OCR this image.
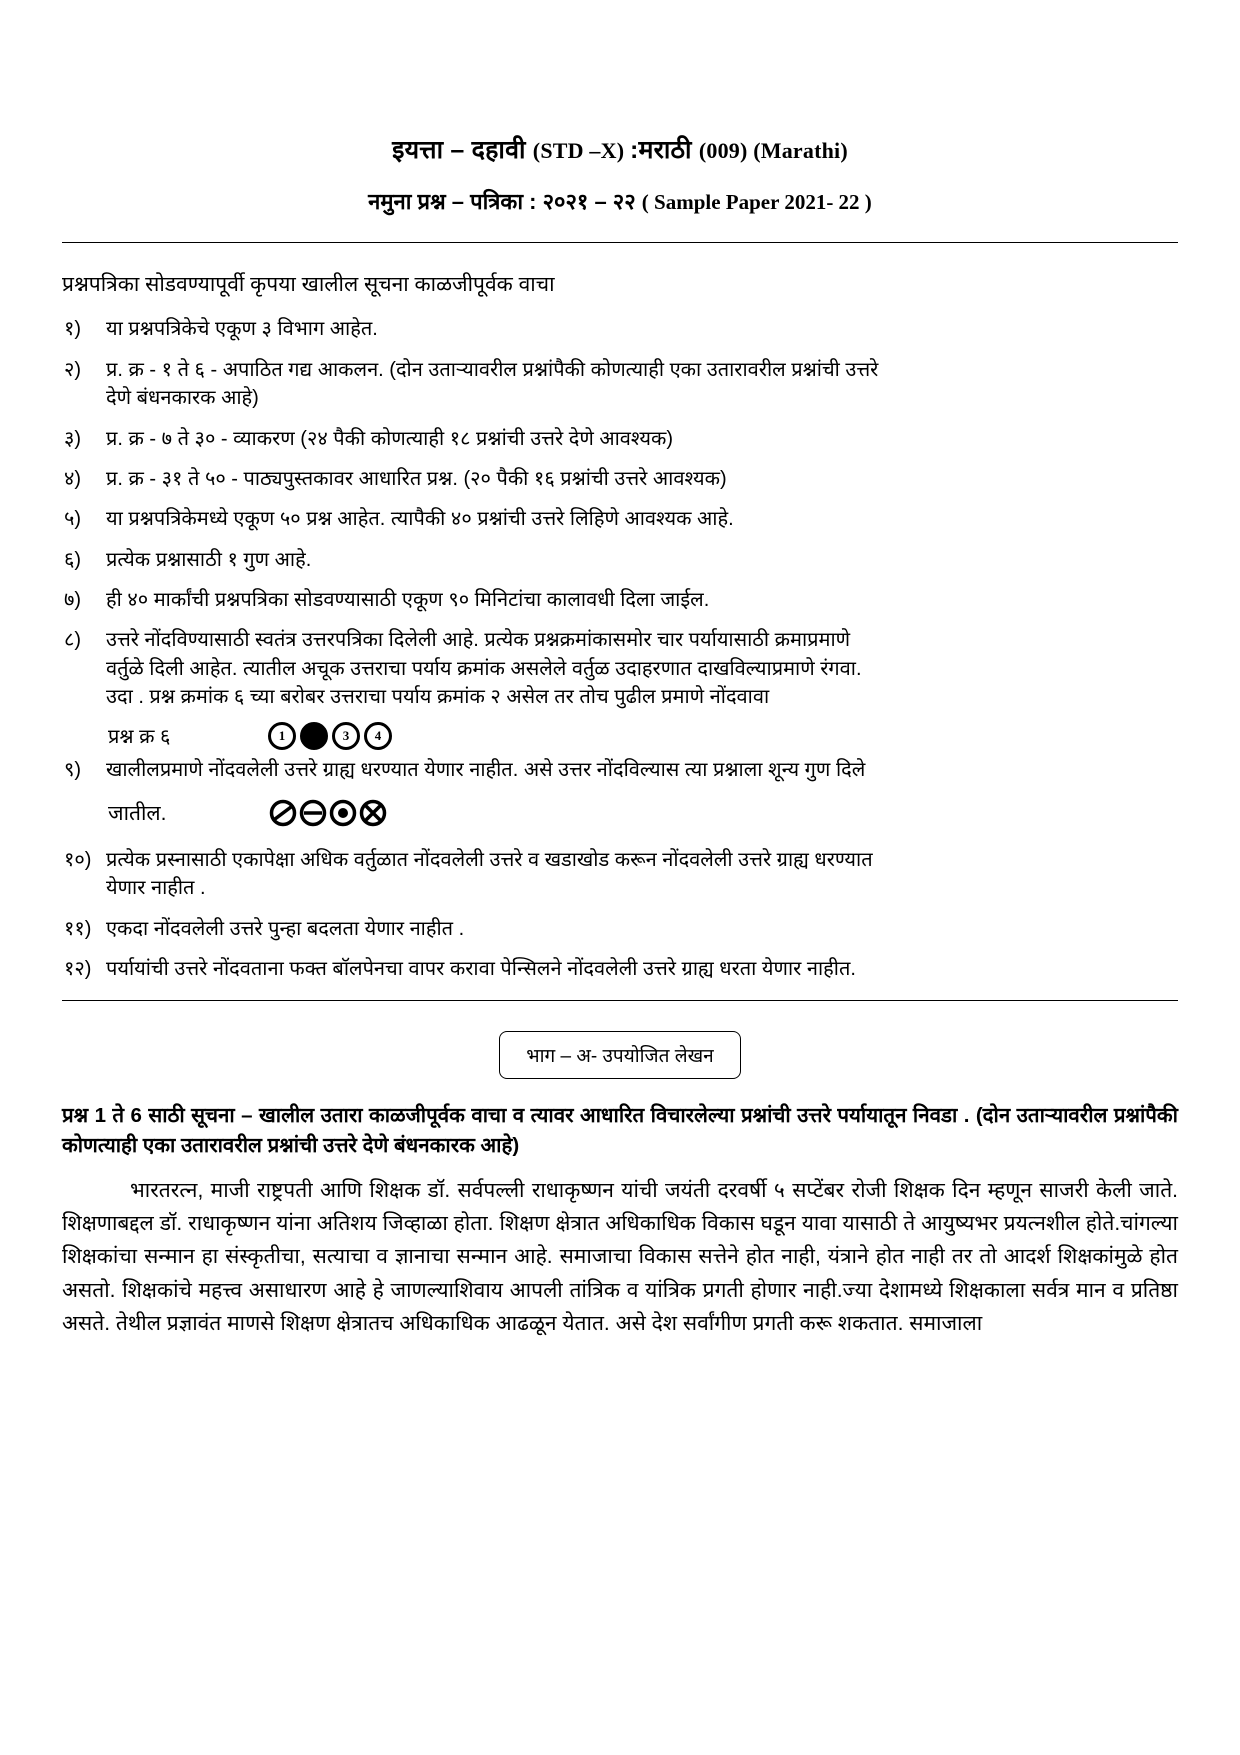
इयत्ता – दहावी (STD –X) :मराठी (009) (Marathi)
नमुना प्रश्न – पत्रिका : २०२१ – २२ ( Sample Paper 2021- 22 )
प्रश्नपत्रिका सोडवण्यापूर्वी कृपया खालील सूचना काळजीपूर्वक वाचा
१)	या प्रश्नपत्रिकेचे एकूण ३ विभाग आहेत.
२)	प्र. क्र - १ ते ६ - अपाठित गद्य आकलन. (दोन उताऱ्यावरील प्रश्नांपैकी कोणत्याही एका उतारावरील प्रश्नांची उत्तरे
देणे बंधनकारक आहे)
३)	प्र. क्र - ७ ते ३० - व्याकरण (२४ पैकी कोणत्याही १८ प्रश्नांची उत्तरे देणे आवश्यक)
४)	प्र. क्र - ३१ ते ५० - पाठ्यपुस्तकावर आधारित प्रश्न. (२० पैकी १६ प्रश्नांची उत्तरे आवश्यक)
५)	या प्रश्नपत्रिकेमध्ये एकूण ५० प्रश्न आहेत. त्यापैकी ४० प्रश्नांची उत्तरे लिहिणे आवश्यक आहे.
६)	प्रत्येक प्रश्नासाठी १ गुण आहे.
७)	ही ४० मार्कांची प्रश्नपत्रिका सोडवण्यासाठी एकूण ९० मिनिटांचा कालावधी दिला जाईल.
८)	उत्तरे नोंदविण्यासाठी स्वतंत्र उत्तरपत्रिका दिलेली आहे. प्रत्येक प्रश्नक्रमांकासमोर चार पर्यायासाठी क्रमाप्रमाणे
वर्तुळे दिली आहेत. त्यातील अचूक उत्तराचा पर्याय क्रमांक असलेले वर्तुळ उदाहरणात दाखविल्याप्रमाणे रंगवा.
उदा . प्रश्न क्रमांक ६ च्या बरोबर उत्तराचा पर्याय क्रमांक २ असेल तर तोच पुढील प्रमाणे नोंदवावा
प्रश्न क्र ६	1	2	3	4
९)	खालीलप्रमाणे नोंदवलेली उत्तरे ग्राह्य धरण्यात येणार नाहीत. असे उत्तर नोंदविल्यास त्या प्रश्नाला शून्य गुण दिले
जातील.
१०) प्रत्येक प्रस्नासाठी एकापेक्षा अधिक वर्तुळात नोंदवलेली उत्तरे व खडाखोड करून नोंदवलेली उत्तरे ग्राह्य धरण्यात
येणार नाहीत .
११) एकदा नोंदवलेली उत्तरे पुन्हा बदलता येणार नाहीत .
१२) पर्यायांची उत्तरे नोंदवताना फक्त बॉलपेनचा वापर करावा पेन्सिलने नोंदवलेली उत्तरे ग्राह्य धरता येणार नाहीत.
भाग – अ- उपयोजित लेखन
प्रश्न 1 ते 6 साठी सूचना – खालील उतारा काळजीपूर्वक वाचा व त्यावर आधारित विचारलेल्या प्रश्नांची उत्तरे पर्यायातून निवडा . (दोन उताऱ्यावरील प्रश्नांपैकी कोणत्याही एका उतारावरील प्रश्नांची उत्तरे देणे बंधनकारक आहे)
भारतरत्न, माजी राष्ट्रपती आणि शिक्षक डॉ. सर्वपल्ली राधाकृष्णन यांची जयंती दरवर्षी ५ सप्टेंबर रोजी शिक्षक दिन म्हणून साजरी केली जाते. शिक्षणाबद्दल डॉ. राधाकृष्णन यांना अतिशय जिव्हाळा होता. शिक्षण क्षेत्रात अधिकाधिक विकास घडून यावा यासाठी ते आयुष्यभर प्रयत्नशील होते.चांगल्या शिक्षकांचा सन्मान हा संस्कृतीचा, सत्याचा व ज्ञानाचा सन्मान आहे. समाजाचा विकास सत्तेने होत नाही, यंत्राने होत नाही तर तो आदर्श शिक्षकांमुळे होत असतो. शिक्षकांचे महत्त्व असाधारण आहे हे जाणल्याशिवाय आपली तांत्रिक व यांत्रिक प्रगती होणार नाही.ज्या देशामध्ये शिक्षकाला सर्वत्र मान व प्रतिष्ठा असते. तेथील प्रज्ञावंत माणसे शिक्षण क्षेत्रातच अधिकाधिक आढळून येतात. असे देश सर्वांगीण प्रगती करू शकतात. समाजाला
